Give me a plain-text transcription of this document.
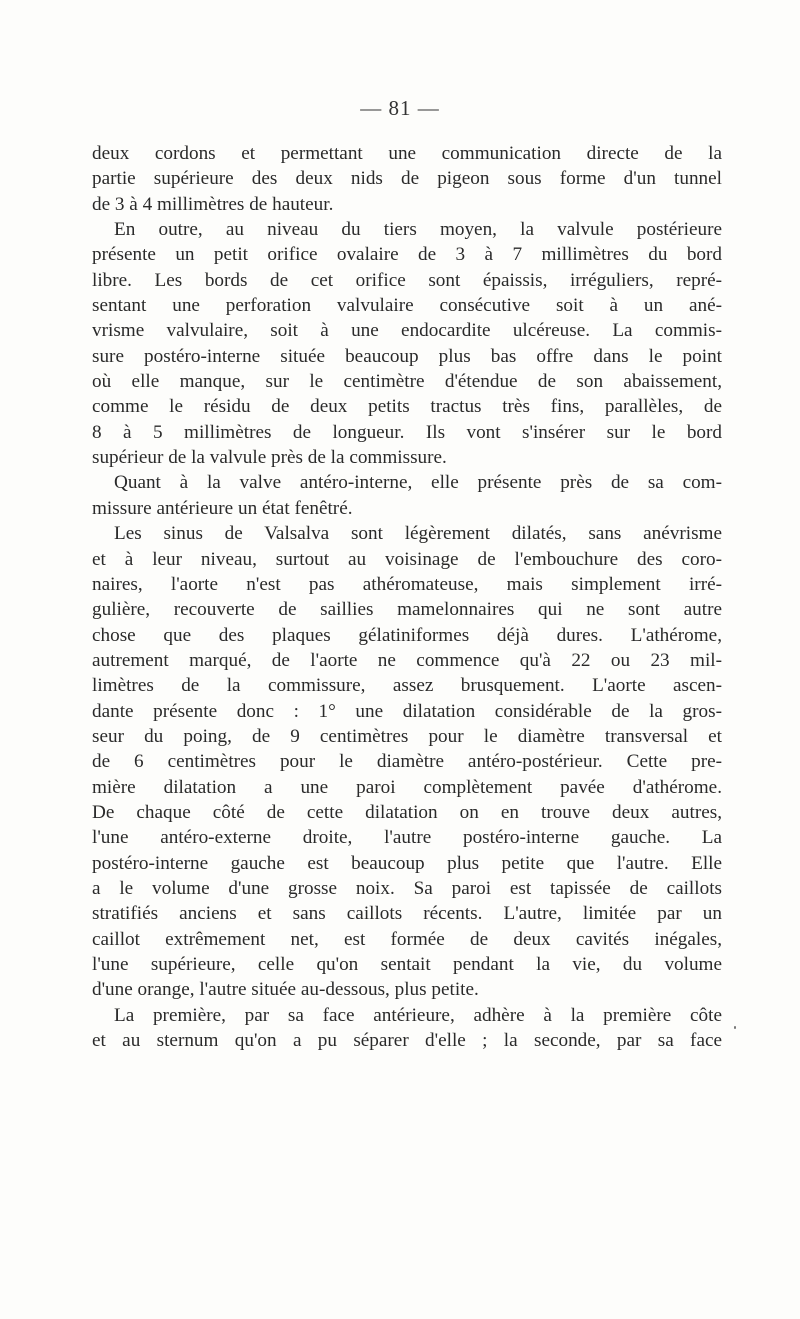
— 81 —
deux cordons et permettant une communication directe de la
partie supérieure des deux nids de pigeon sous forme d'un tunnel
de 3 à 4 millimètres de hauteur.
En outre, au niveau du tiers moyen, la valvule postérieure
présente un petit orifice ovalaire de 3 à 7 millimètres du bord
libre. Les bords de cet orifice sont épaissis, irréguliers, repré-
sentant une perforation valvulaire consécutive soit à un ané-
vrisme valvulaire, soit à une endocardite ulcéreuse. La commis-
sure postéro-interne située beaucoup plus bas offre dans le point
où elle manque, sur le centimètre d'étendue de son abaissement,
comme le résidu de deux petits tractus très fins, parallèles, de
8 à 5 millimètres de longueur. Ils vont s'insérer sur le bord
supérieur de la valvule près de la commissure.
Quant à la valve antéro-interne, elle présente près de sa com-
missure antérieure un état fenêtré.
Les sinus de Valsalva sont légèrement dilatés, sans anévrisme
et à leur niveau, surtout au voisinage de l'embouchure des coro-
naires, l'aorte n'est pas athéromateuse, mais simplement irré-
gulière, recouverte de saillies mamelonnaires qui ne sont autre
chose que des plaques gélatiniformes déjà dures. L'athérome,
autrement marqué, de l'aorte ne commence qu'à 22 ou 23 mil-
limètres de la commissure, assez brusquement. L'aorte ascen-
dante présente donc : 1° une dilatation considérable de la gros-
seur du poing, de 9 centimètres pour le diamètre transversal et
de 6 centimètres pour le diamètre antéro-postérieur. Cette pre-
mière dilatation a une paroi complètement pavée d'athérome.
De chaque côté de cette dilatation on en trouve deux autres,
l'une antéro-externe droite, l'autre postéro-interne gauche. La
postéro-interne gauche est beaucoup plus petite que l'autre. Elle
a le volume d'une grosse noix. Sa paroi est tapissée de caillots
stratifiés anciens et sans caillots récents. L'autre, limitée par un
caillot extrêmement net, est formée de deux cavités inégales,
l'une supérieure, celle qu'on sentait pendant la vie, du volume
d'une orange, l'autre située au-dessous, plus petite.
La première, par sa face antérieure, adhère à la première côte
et au sternum qu'on a pu séparer d'elle ; la seconde, par sa face
